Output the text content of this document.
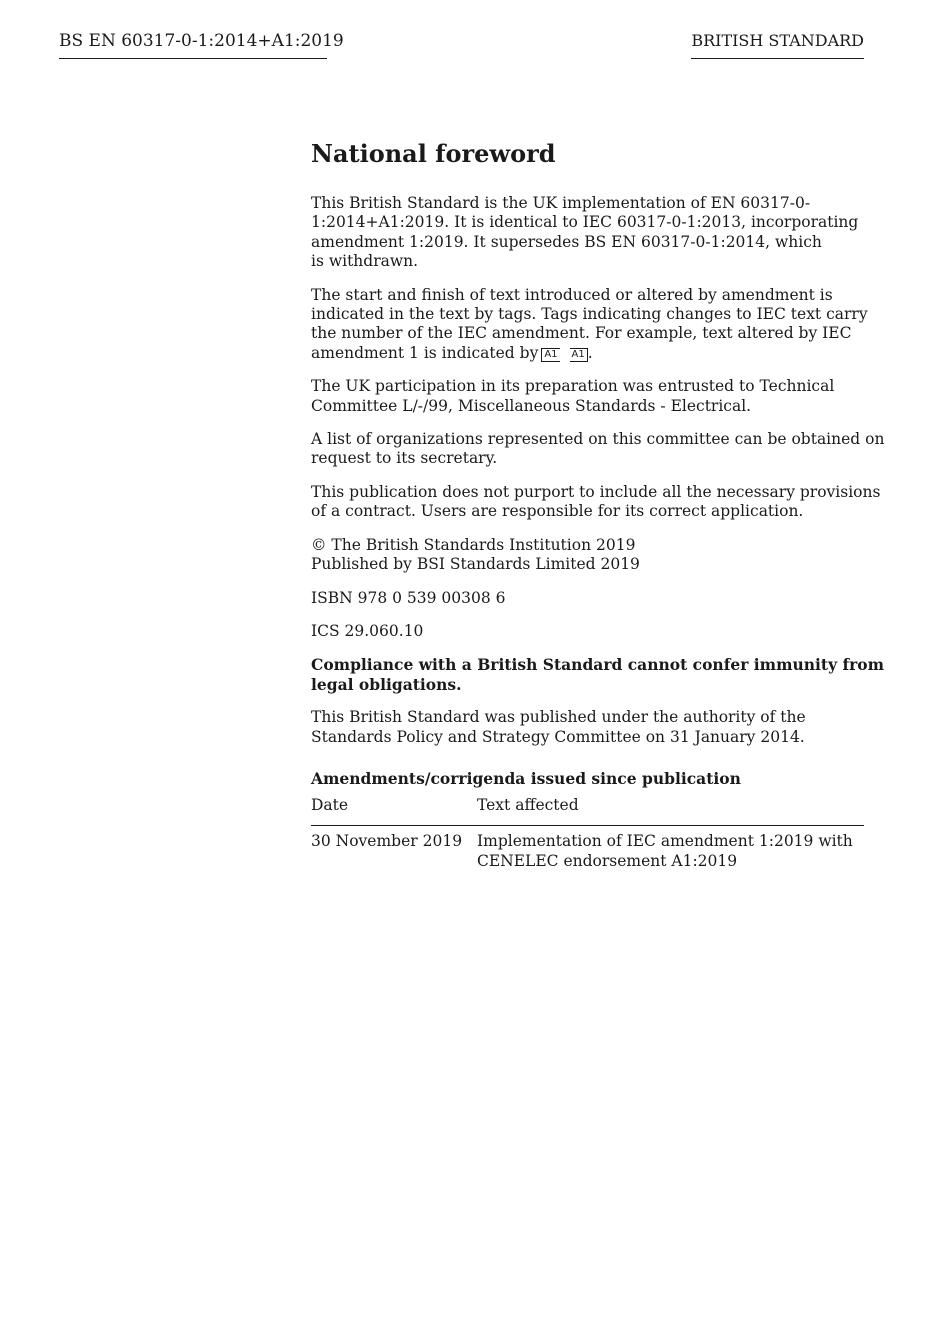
BS EN 60317-0-1:2014+A1:2019	BRITISH STANDARD
National foreword

This British Standard is the UK implementation of EN 60317-0-
1:2014+A1:2019. It is identical to IEC 60317-0-1:2013, incorporating
amendment 1:2019. It supersedes BS EN 60317-0-1:2014, which
is withdrawn.

The start and finish of text introduced or altered by amendment is
indicated in the text by tags. Tags indicating changes to IEC text carry
the number of the IEC amendment. For example, text altered by IEC
amendment 1 is indicated by A1 A1 .

The UK participation in its preparation was entrusted to Technical
Committee L/-/99, Miscellaneous Standards - Electrical.

A list of organizations represented on this committee can be obtained on
request to its secretary.

This publication does not purport to include all the necessary provisions
of a contract. Users are responsible for its correct application.

© The British Standards Institution 2019
Published by BSI Standards Limited 2019

ISBN 978 0 539 00308 6

ICS 29.060.10

Compliance with a British Standard cannot confer immunity from
legal obligations.

This British Standard was published under the authority of the
Standards Policy and Strategy Committee on 31 January 2014.

Amendments/corrigenda issued since publication
Date	Text affected
30 November 2019	Implementation of IEC amendment 1:2019 with
CENELEC endorsement A1:2019
